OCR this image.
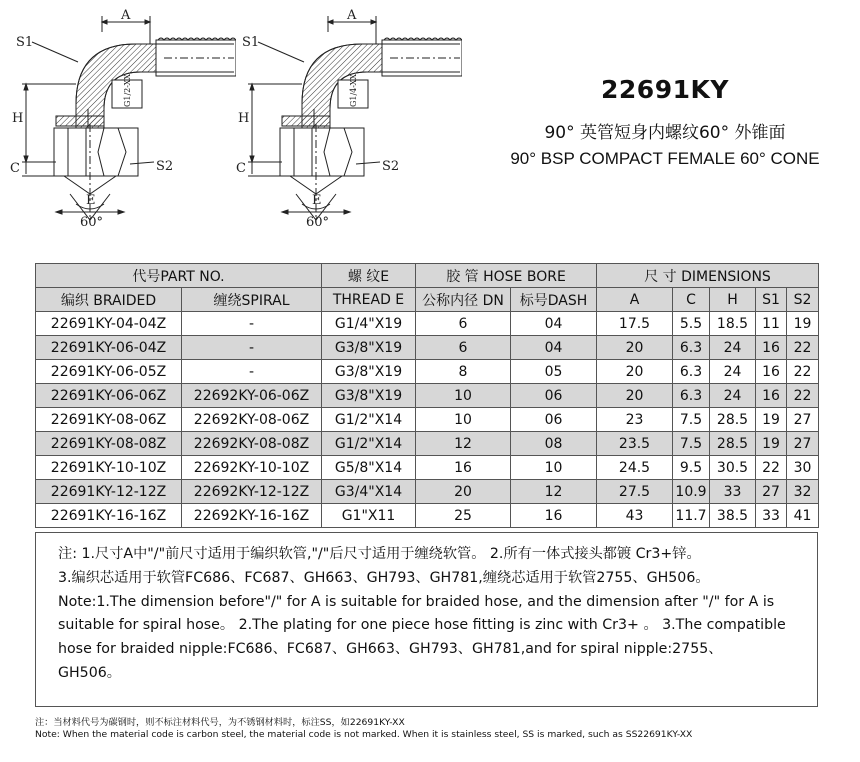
A
S1
H
C	S2
E
60°
G1/2-XX
A
S1
H
C	S2
E
60°
G1/4-XX	22691KY
90° 英管短身内螺纹60° 外锥面
90° BSP COMPACT FEMALE 60° CONE
代号PART NO.		螺 纹E	胶 管 HOSE BORE		尺 寸 DIMENSIONS				
编织 BRAIDED	缠绕SPIRAL	THREAD E	公称内径 DN	标号DASH	A	C	H	S1	S2
22691KY-04-04Z	-	G1/4"X19	6	04	17.5	5.5	18.5	11	19
22691KY-06-04Z	-	G3/8"X19	6	04	20	6.3	24	16	22
22691KY-06-05Z	-	G3/8"X19	8	05	20	6.3	24	16	22
22691KY-06-06Z	22692KY-06-06Z	G3/8"X19	10	06	20	6.3	24	16	22
22691KY-08-06Z	22692KY-08-06Z	G1/2"X14	10	06	23	7.5	28.5	19	27
22691KY-08-08Z	22692KY-08-08Z	G1/2"X14	12	08	23.5	7.5	28.5	19	27
22691KY-10-10Z	22692KY-10-10Z	G5/8"X14	16	10	24.5	9.5	30.5	22	30
22691KY-12-12Z	22692KY-12-12Z	G3/4"X14	20	12	27.5	10.9	33	27	32
22691KY-16-16Z	22692KY-16-16Z	G1"X11	25	16	43	11.7	38.5	33	41

注: 1.尺寸A中"/"前尺寸适用于编织软管,"/"后尺寸适用于缠绕软管。 2.所有一体式接头都镀 Cr3+锌。

3.编织芯适用于软管FC686、FC687、GH663、GH793、GH781,缠绕芯适用于软管2755、GH506。

Note:1.The dimension before"/" for A is suitable for braided hose, and the dimension after "/" for A is

suitable for spiral hose。 2.The plating for one piece hose fitting is zinc with Cr3+ 。 3.The compatible

hose for braided nipple:FC686、FC687、GH663、GH793、GH781,and for spiral nipple:2755、

GH506。

注：当材料代号为碳钢时，则不标注材料代号，为不锈钢材料时，标注SS，如22691KY-XX
Note: When the material code is carbon steel, the material code is not marked. When it is stainless steel, SS is marked, such as SS22691KY-XX
